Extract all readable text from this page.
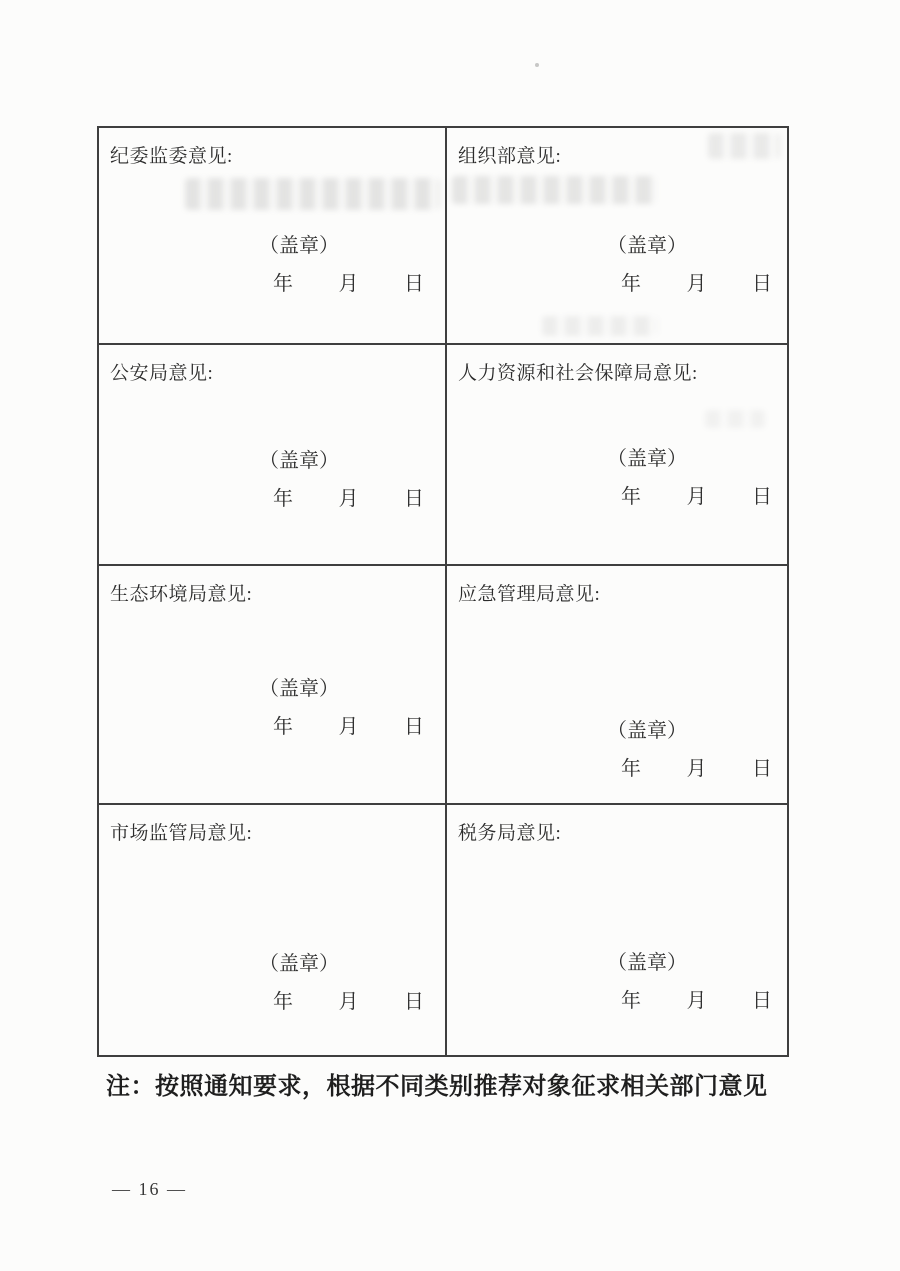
纪委监委意见:
（盖章）
年 月 日
组织部意见:
（盖章）
年 月 日
公安局意见:
（盖章）
年 月 日
人力资源和社会保障局意见:
（盖章）
年 月 日
生态环境局意见:
（盖章）
年 月 日
应急管理局意见:
（盖章）
年 月 日
市场监管局意见:
（盖章）
年 月 日
税务局意见:
（盖章）
年 月 日
注：按照通知要求，根据不同类别推荐对象征求相关部门意见
— 16 —
